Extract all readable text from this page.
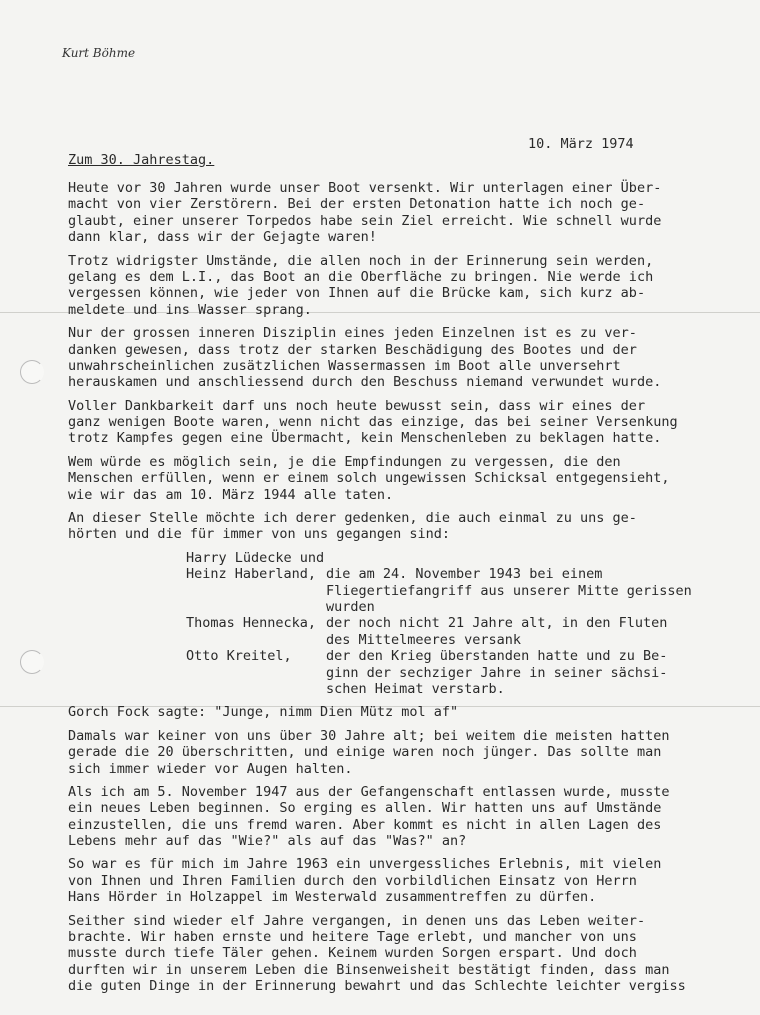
Kurt Böhme
10. März 1974
Zum 30. Jahrestag.
Heute vor 30 Jahren wurde unser Boot versenkt. Wir unterlagen einer Über-
macht von vier Zerstörern. Bei der ersten Detonation hatte ich noch ge-
glaubt, einer unserer Torpedos habe sein Ziel erreicht. Wie schnell wurde
dann klar, dass wir der Gejagte waren!
Trotz widrigster Umstände, die allen noch in der Erinnerung sein werden,
gelang es dem L.I., das Boot an die Oberfläche zu bringen. Nie werde ich
vergessen können, wie jeder von Ihnen auf die Brücke kam, sich kurz ab-
meldete und ins Wasser sprang.
Nur der grossen inneren Disziplin eines jeden Einzelnen ist es zu ver-
danken gewesen, dass trotz der starken Beschädigung des Bootes und der
unwahrscheinlichen zusätzlichen Wassermassen im Boot alle unversehrt
herauskamen und anschliessend durch den Beschuss niemand verwundet wurde.
Voller Dankbarkeit darf uns noch heute bewusst sein, dass wir eines der
ganz wenigen Boote waren, wenn nicht das einzige, das bei seiner Versenkung
trotz Kampfes gegen eine Übermacht, kein Menschenleben zu beklagen hatte.
Wem würde es möglich sein, je die Empfindungen zu vergessen, die den
Menschen erfüllen, wenn er einem solch ungewissen Schicksal entgegensieht,
wie wir das am 10. März 1944 alle taten.
An dieser Stelle möchte ich derer gedenken, die auch einmal zu uns ge-
hörten und die für immer von uns gegangen sind:
Harry Lüdecke und
Heinz Haberland, die am 24. November 1943 bei einem
Fliegertiefangriff aus unserer Mitte gerissen
wurden
Thomas Hennecka, der noch nicht 21 Jahre alt, in den Fluten
des Mittelmeeres versank
Otto Kreitel,	der den Krieg überstanden hatte und zu Be-
ginn der sechziger Jahre in seiner sächsi-
schen Heimat verstarb.
Gorch Fock sagte: "Junge, nimm Dien Mütz mol af"
Damals war keiner von uns über 30 Jahre alt; bei weitem die meisten hatten
gerade die 20 überschritten, und einige waren noch jünger. Das sollte man
sich immer wieder vor Augen halten.
Als ich am 5. November 1947 aus der Gefangenschaft entlassen wurde, musste
ein neues Leben beginnen. So erging es allen. Wir hatten uns auf Umstände
einzustellen, die uns fremd waren. Aber kommt es nicht in allen Lagen des
Lebens mehr auf das "Wie?" als auf das "Was?" an?
So war es für mich im Jahre 1963 ein unvergessliches Erlebnis, mit vielen
von Ihnen und Ihren Familien durch den vorbildlichen Einsatz von Herrn
Hans Hörder in Holzappel im Westerwald zusammentreffen zu dürfen.
Seither sind wieder elf Jahre vergangen, in denen uns das Leben weiter-
brachte. Wir haben ernste und heitere Tage erlebt, und mancher von uns
musste durch tiefe Täler gehen. Keinem wurden Sorgen erspart. Und doch
durften wir in unserem Leben die Binsenweisheit bestätigt finden, dass man
die guten Dinge in der Erinnerung bewahrt und das Schlechte leichter vergiss
